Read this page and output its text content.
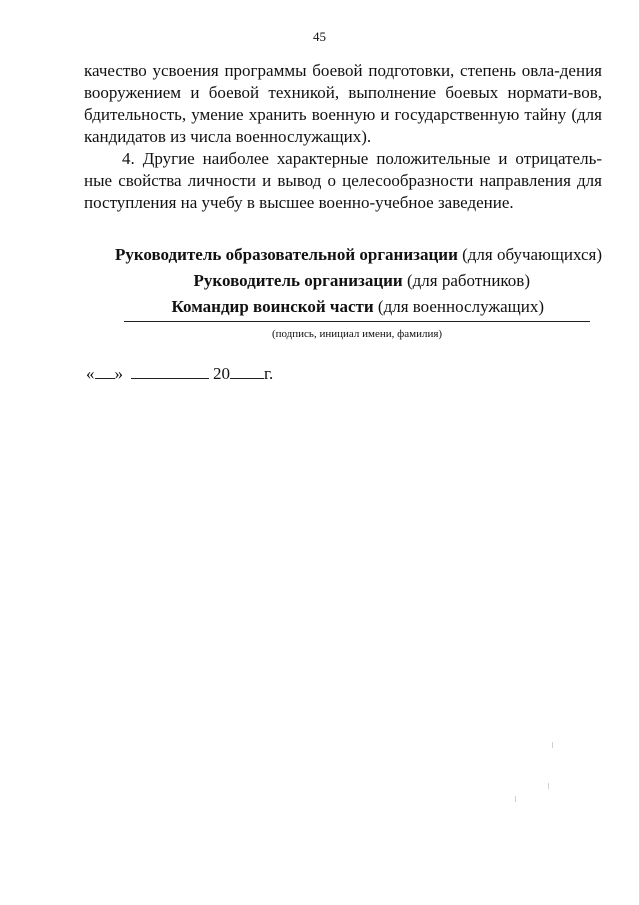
45

качество усвоения программы боевой подготовки, степень овла-дения вооружением и боевой техникой, выполнение боевых нормати-вов, бдительность, умение хранить военную и государственную тайну (для кандидатов из числа военнослужащих).

4. Другие наиболее характерные положительные и отрицатель-ные свойства личности и вывод о целесообразности направления для поступления на учебу в высшее военно-учебное заведение.

Руководитель образовательной организации (для обучающихся)
Руководитель организации (для работников)
Командир воинской части (для военнослужащих)
(подпись, инициал имени, фамилия)
« »	20 г.
